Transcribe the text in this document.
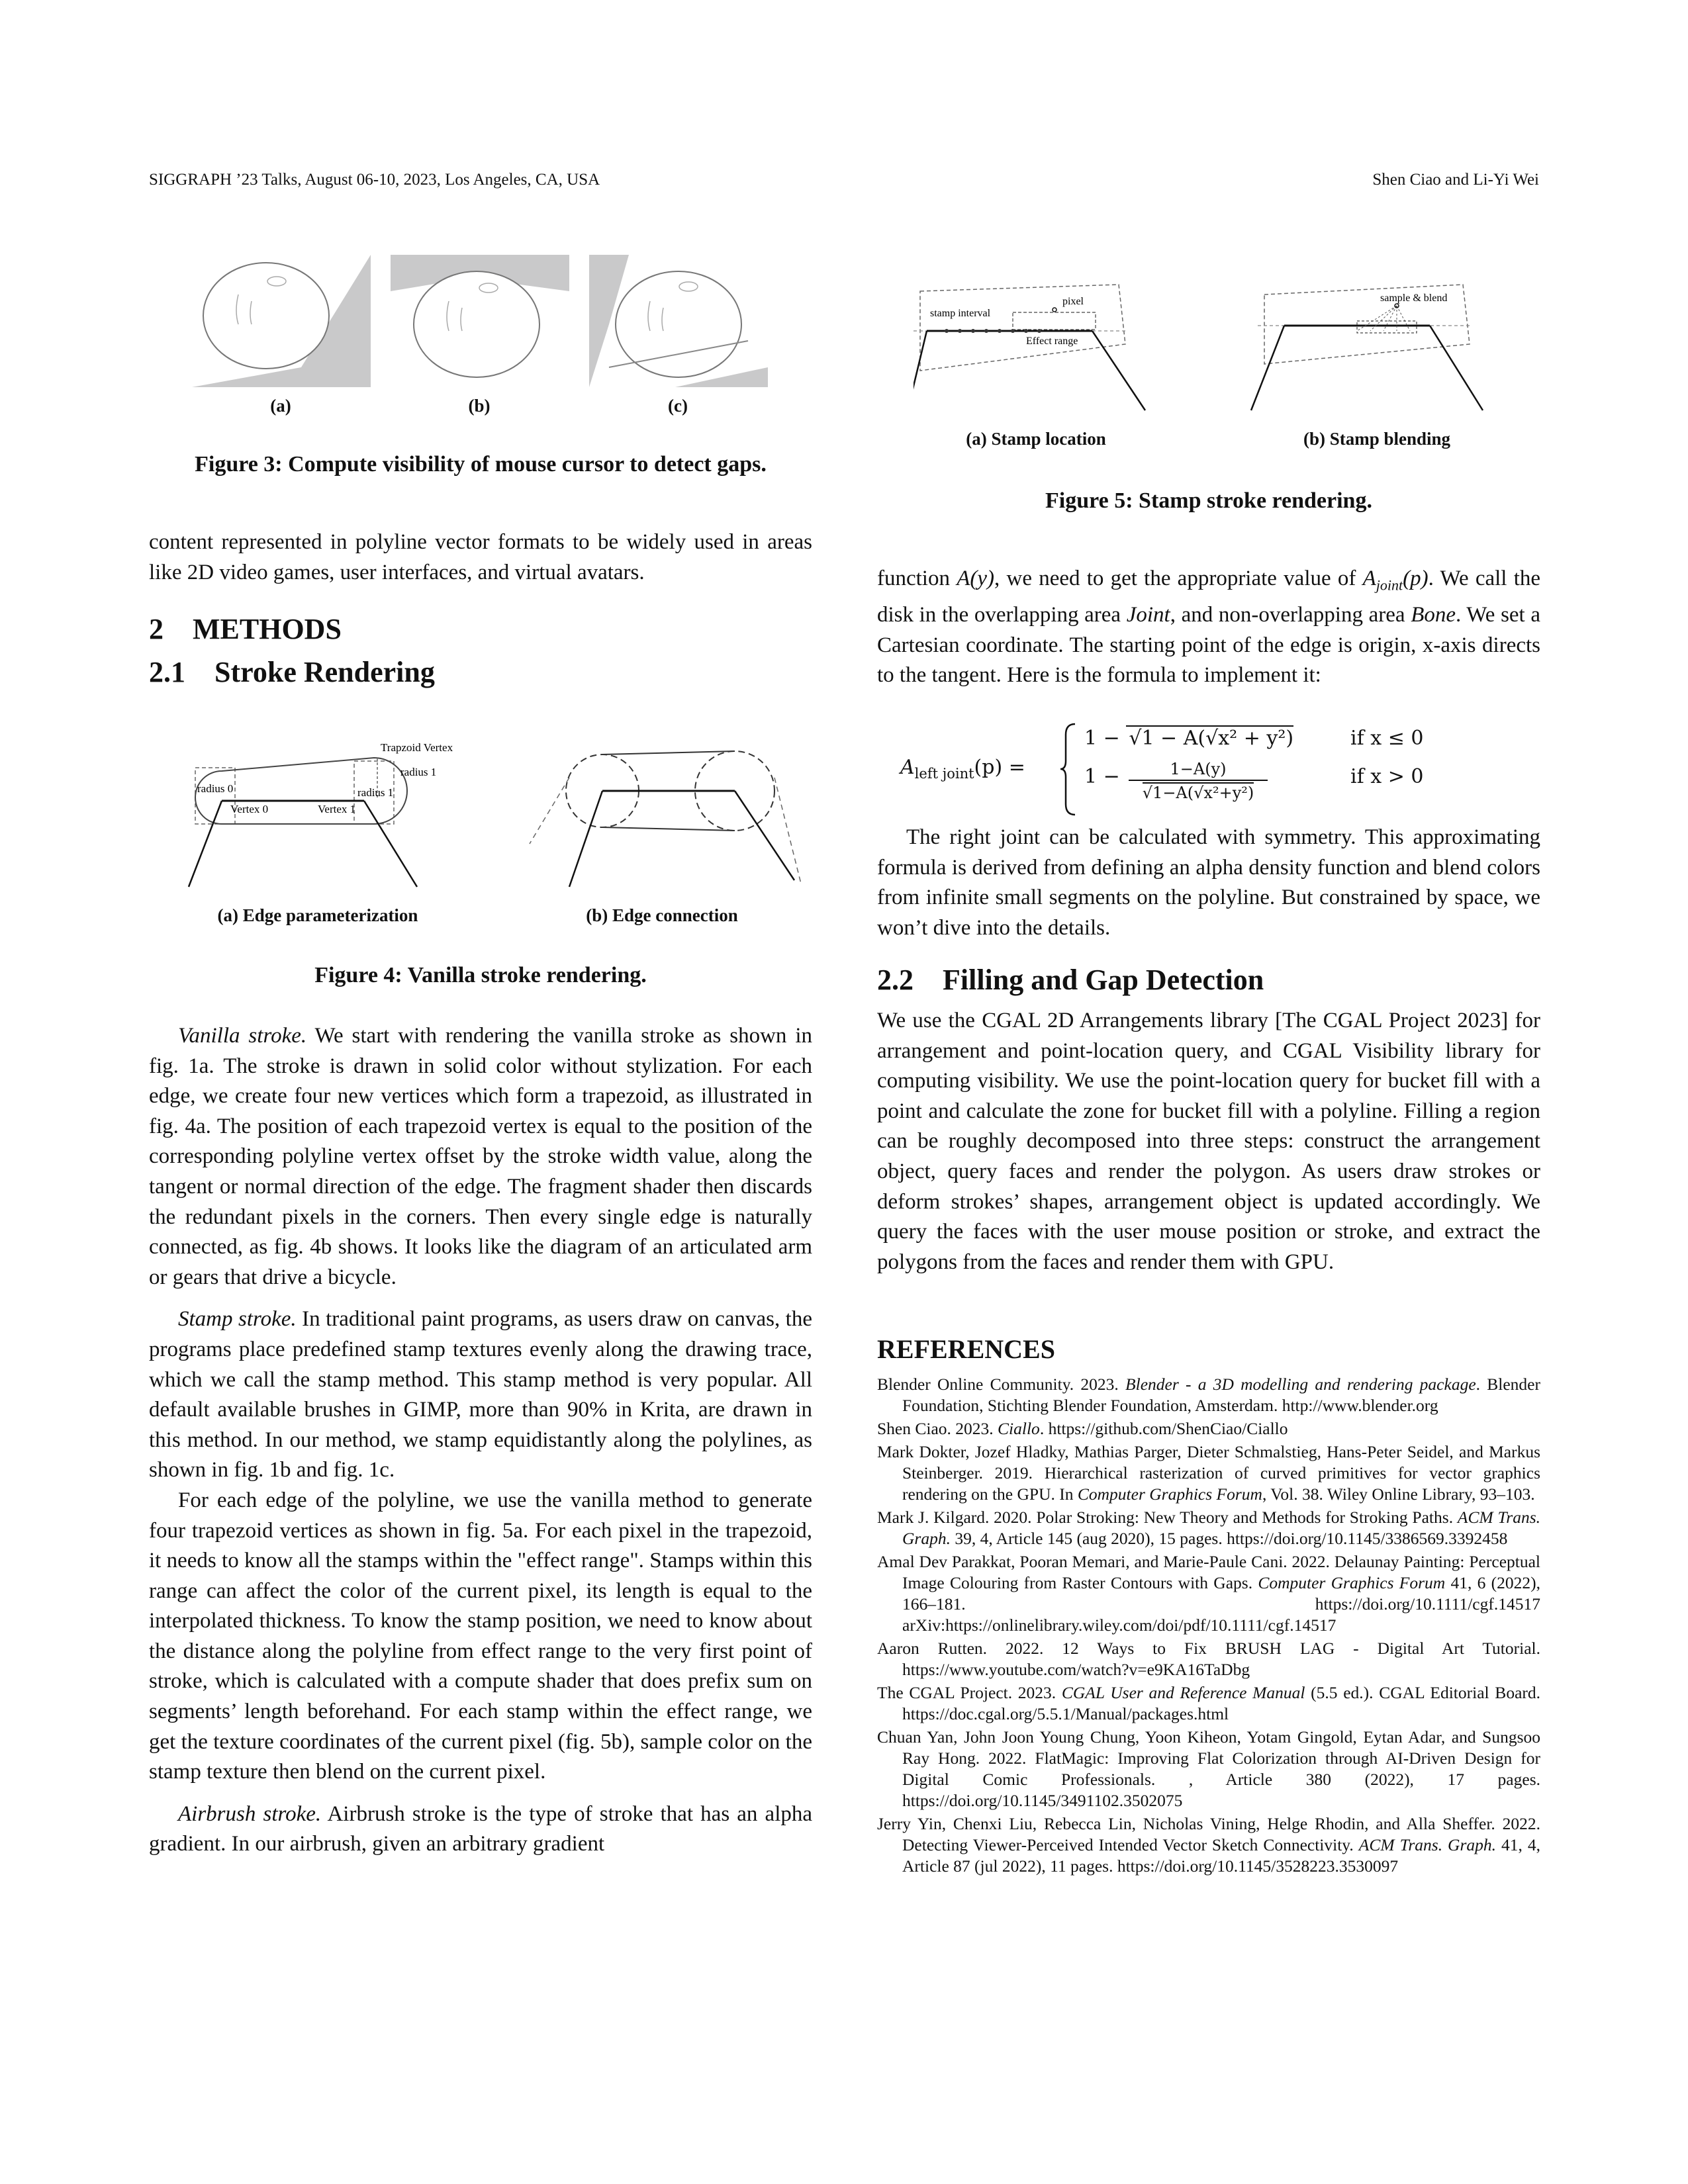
SIGGRAPH ’23 Talks, August 06-10, 2023, Los Angeles, CA, USA	Shen Ciao and Li-Yi Wei
(a)	(b)	(c)
Figure 3: Compute visibility of mouse cursor to detect gaps.

content represented in polyline vector formats to be widely used in areas like 2D video games, user interfaces, and virtual avatars.

2 METHODS
2.1 Stroke Rendering
Trapzoid Vertex
radius 1
radius 0	radius 1
Vertex 0	Vertex 1
(a) Edge parameterization	(b) Edge connection
Figure 4: Vanilla stroke rendering.

Vanilla stroke. We start with rendering the vanilla stroke as shown in fig. 1a. The stroke is drawn in solid color without stylization. For each edge, we create four new vertices which form a trapezoid, as illustrated in fig. 4a. The position of each trapezoid vertex is equal to the position of the corresponding polyline vertex offset by the stroke width value, along the tangent or normal direction of the edge. The fragment shader then discards the redundant pixels in the corners. Then every single edge is naturally connected, as fig. 4b shows. It looks like the diagram of an articulated arm or gears that drive a bicycle.

Stamp stroke. In traditional paint programs, as users draw on canvas, the programs place predefined stamp textures evenly along the drawing trace, which we call the stamp method. This stamp method is very popular. All default available brushes in GIMP, more than 90% in Krita, are drawn in this method. In our method, we stamp equidistantly along the polylines, as shown in fig. 1b and fig. 1c.

For each edge of the polyline, we use the vanilla method to generate four trapezoid vertices as shown in fig. 5a. For each pixel in the trapezoid, it needs to know all the stamps within the "effect range". Stamps within this range can affect the color of the current pixel, its length is equal to the interpolated thickness. To know the stamp position, we need to know about the distance along the polyline from effect range to the very first point of stroke, which is calculated with a compute shader that does prefix sum on segments’ length beforehand. For each stamp within the effect range, we get the texture coordinates of the current pixel (fig. 5b), sample color on the stamp texture then blend on the current pixel.

Airbrush stroke. Airbrush stroke is the type of stroke that has an alpha gradient. In our airbrush, given an arbitrary gradient

stamp interval
pixel
Effect range
sample & blend
(a) Stamp location	(b) Stamp blending
Figure 5: Stamp stroke rendering.

function A(y), we need to get the appropriate value of $A_{joint}(p)$. We call the disk in the overlapping area Joint, and non-overlapping area Bone. We set a Cartesian coordinate. The starting point of the edge is origin, x-axis directs to the tangent. Here is the formula to implement it:

$A_{left joint}(p)$ =
1 − √1 − A(√x² + y²)	if x ≤ 0
$1 - \frac{1-A(y)}{\text{√1−A(√x²+y²)}}$	if x > 0

The right joint can be calculated with symmetry. This approximating formula is derived from defining an alpha density function and blend colors from infinite small segments on the polyline. But constrained by space, we won’t dive into the details.

2.2 Filling and Gap Detection

We use the CGAL 2D Arrangements library [The CGAL Project 2023] for arrangement and point-location query, and CGAL Visibility library for computing visibility. We use the point-location query for bucket fill with a point and calculate the zone for bucket fill with a polyline. Filling a region can be roughly decomposed into three steps: construct the arrangement object, query faces and render the polygon. As users draw strokes or deform strokes’ shapes, arrangement object is updated accordingly. We query the faces with the user mouse position or stroke, and extract the polygons from the faces and render them with GPU.

REFERENCES
Blender Online Community. 2023. Blender - a 3D modelling and rendering package. Blender Foundation, Stichting Blender Foundation, Amsterdam. http://www.blender.org
Shen Ciao. 2023. Ciallo. https://github.com/ShenCiao/Ciallo
Mark Dokter, Jozef Hladky, Mathias Parger, Dieter Schmalstieg, Hans-Peter Seidel, and Markus Steinberger. 2019. Hierarchical rasterization of curved primitives for vector graphics rendering on the GPU. In Computer Graphics Forum, Vol. 38. Wiley Online Library, 93–103.
Mark J. Kilgard. 2020. Polar Stroking: New Theory and Methods for Stroking Paths. ACM Trans. Graph. 39, 4, Article 145 (aug 2020), 15 pages. https://doi.org/10.1145/3386569.3392458
Amal Dev Parakkat, Pooran Memari, and Marie-Paule Cani. 2022. Delaunay Painting: Perceptual Image Colouring from Raster Contours with Gaps. Computer Graphics Forum 41, 6 (2022), 166–181. https://doi.org/10.1111/cgf.14517 arXiv:https://onlinelibrary.wiley.com/doi/pdf/10.1111/cgf.14517
Aaron Rutten. 2022. 12 Ways to Fix BRUSH LAG - Digital Art Tutorial. https://www.youtube.com/watch?v=e9KA16TaDbg
The CGAL Project. 2023. CGAL User and Reference Manual (5.5 ed.). CGAL Editorial Board. https://doc.cgal.org/5.5.1/Manual/packages.html
Chuan Yan, John Joon Young Chung, Yoon Kiheon, Yotam Gingold, Eytan Adar, and Sungsoo Ray Hong. 2022. FlatMagic: Improving Flat Colorization through AI-Driven Design for Digital Comic Professionals. , Article 380 (2022), 17 pages. https://doi.org/10.1145/3491102.3502075
Jerry Yin, Chenxi Liu, Rebecca Lin, Nicholas Vining, Helge Rhodin, and Alla Sheffer. 2022. Detecting Viewer-Perceived Intended Vector Sketch Connectivity. ACM Trans. Graph. 41, 4, Article 87 (jul 2022), 11 pages. https://doi.org/10.1145/3528223.3530097
